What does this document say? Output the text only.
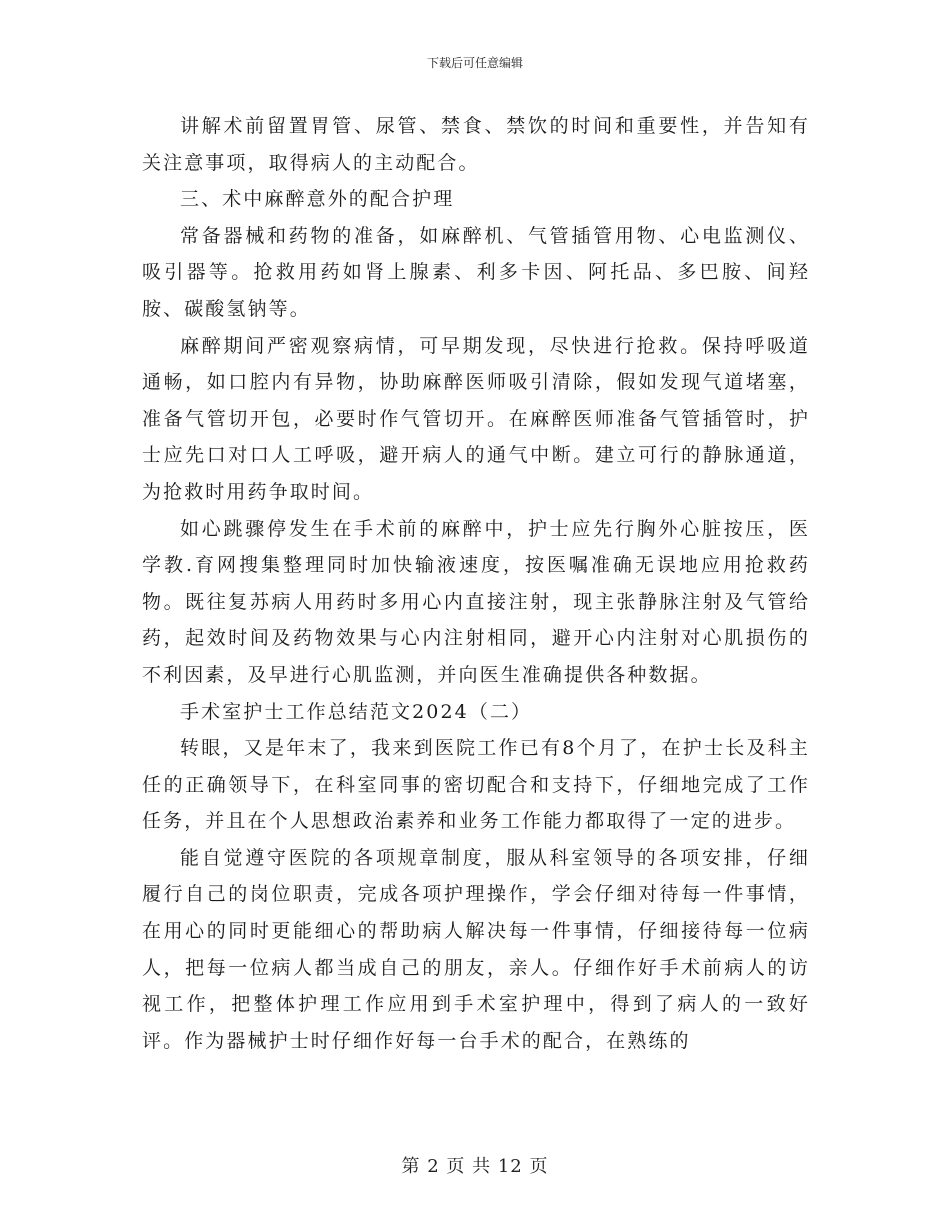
下载后可任意编辑

讲解术前留置胃管、尿管、禁食、禁饮的时间和重要性，并告知有关注意事项，取得病人的主动配合。

三、术中麻醉意外的配合护理

常备器械和药物的准备，如麻醉机、气管插管用物、心电监测仪、吸引器等。抢救用药如肾上腺素、利多卡因、阿托品、多巴胺、间羟胺、碳酸氢钠等。

麻醉期间严密观察病情，可早期发现，尽快进行抢救。保持呼吸道通畅，如口腔内有异物，协助麻醉医师吸引清除，假如发现气道堵塞，准备气管切开包，必要时作气管切开。在麻醉医师准备气管插管时，护士应先口对口人工呼吸，避开病人的通气中断。建立可行的静脉通道，为抢救时用药争取时间。

如心跳骤停发生在手术前的麻醉中，护士应先行胸外心脏按压，医学教.育网搜集整理同时加快输液速度，按医嘱准确无误地应用抢救药物。既往复苏病人用药时多用心内直接注射，现主张静脉注射及气管给药，起效时间及药物效果与心内注射相同，避开心内注射对心肌损伤的不利因素，及早进行心肌监测，并向医生准确提供各种数据。

手术室护士工作总结范文2024（二）

转眼，又是年末了，我来到医院工作已有8个月了，在护士长及科主任的正确领导下，在科室同事的密切配合和支持下，仔细地完成了工作任务，并且在个人思想政治素养和业务工作能力都取得了一定的进步。

能自觉遵守医院的各项规章制度，服从科室领导的各项安排，仔细履行自己的岗位职责，完成各项护理操作，学会仔细对待每一件事情，在用心的同时更能细心的帮助病人解决每一件事情，仔细接待每一位病人，把每一位病人都当成自己的朋友，亲人。仔细作好手术前病人的访视工作，把整体护理工作应用到手术室护理中，得到了病人的一致好评。作为器械护士时仔细作好每一台手术的配合，在熟练的

第 2 页 共 12 页
